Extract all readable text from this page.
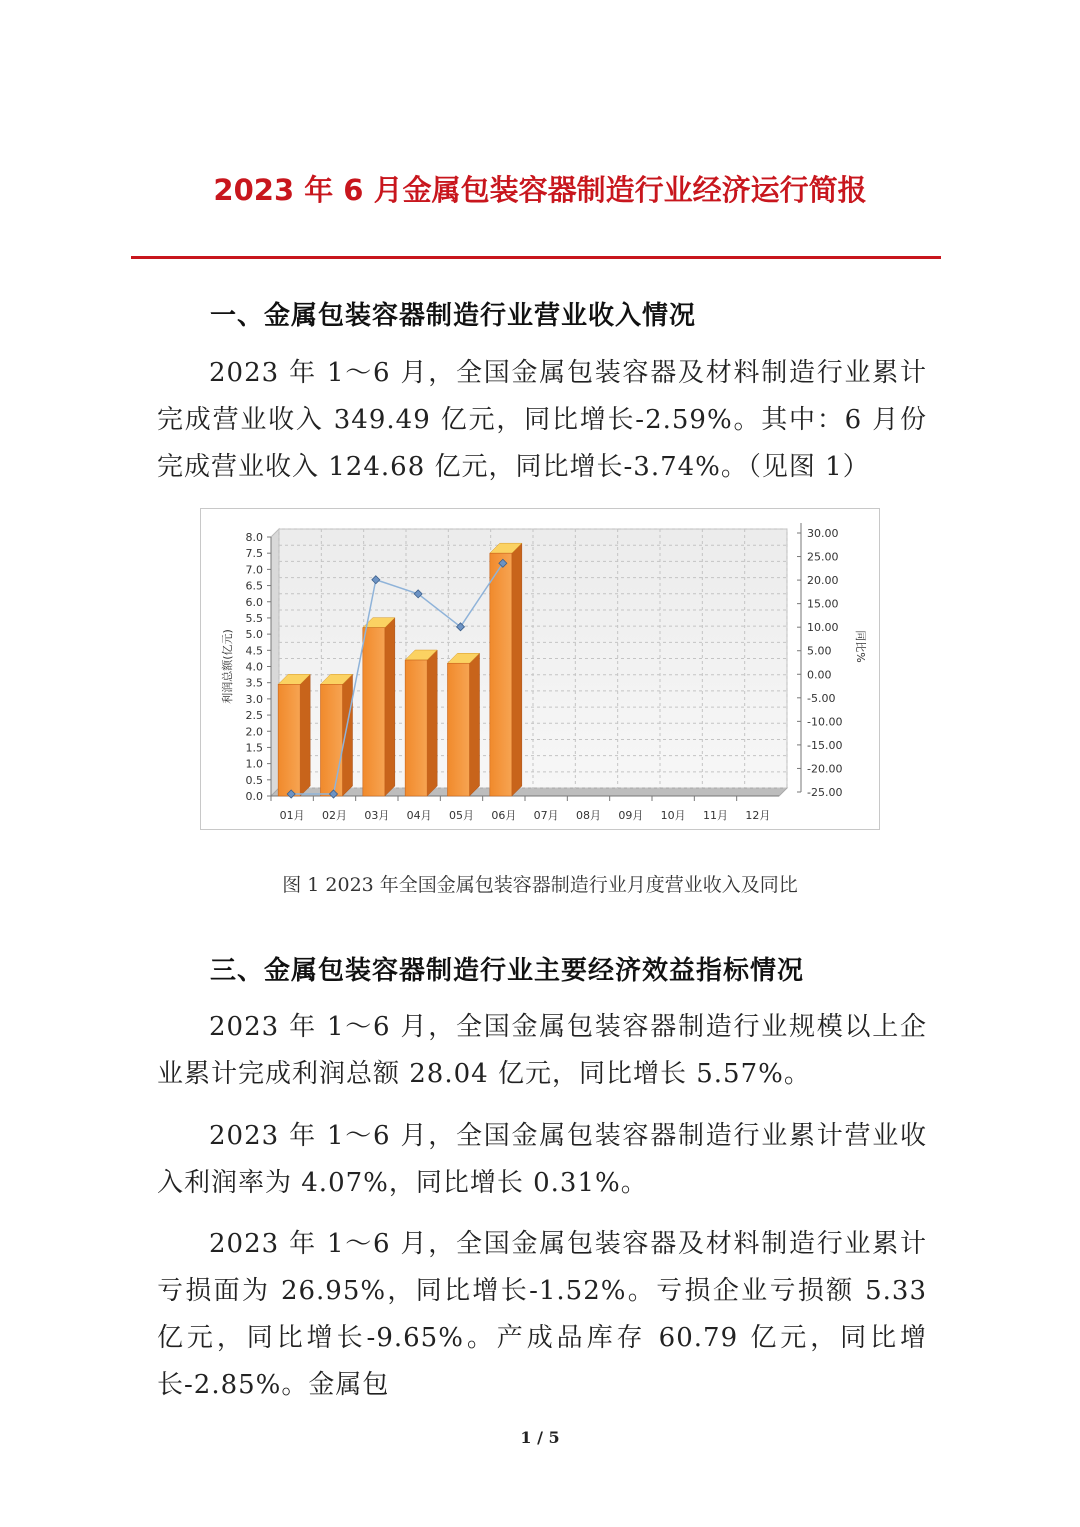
2023 年 6 月金属包装容器制造行业经济运行简报
一、金属包装容器制造行业营业收入情况
2023 年 1～6 月，全国金属包装容器及材料制造行业累计完成营业收入 349.49 亿元，同比增长-2.59%。其中：6 月份完成营业收入 124.68 亿元，同比增长-3.74%。（见图 1）
0.0
0.5
1.0
1.5
2.0
2.5
3.0
3.5
4.0
4.5
5.0
5.5
6.0
6.5
7.0
7.5
8.0
利润总额(亿元)
-25.00
-20.00
-15.00
-10.00
-5.00
0.00
5.00
10.00
15.00
20.00
25.00
30.00
同比%
01月 02月 03月 04月 05月 06月 07月 08月 09月 10月 11月 12月
图 1 2023 年全国金属包装容器制造行业月度营业收入及同比
三、金属包装容器制造行业主要经济效益指标情况
2023 年 1～6 月，全国金属包装容器制造行业规模以上企业累计完成利润总额 28.04 亿元，同比增长 5.57%。
2023 年 1～6 月，全国金属包装容器制造行业累计营业收入利润率为 4.07%，同比增长 0.31%。
2023 年 1～6 月，全国金属包装容器及材料制造行业累计亏损面为 26.95%，同比增长-1.52%。亏损企业亏损额 5.33 亿元，同比增长-9.65%。产成品库存 60.79 亿元，同比增长-2.85%。金属包
1 / 5
